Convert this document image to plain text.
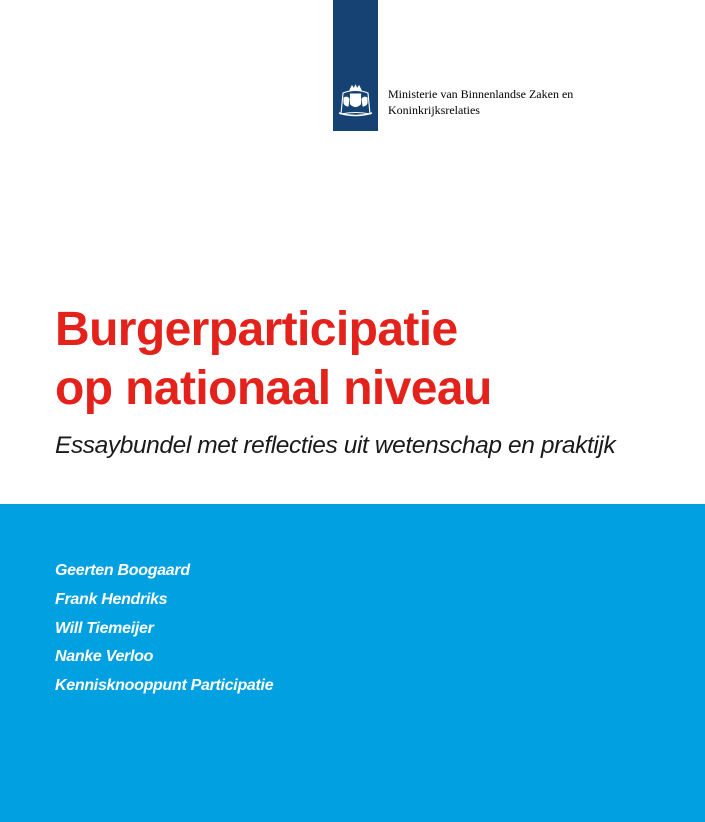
Ministerie van Binnenlandse Zaken en
Koninkrijksrelaties
Burgerparticipatie
op nationaal niveau

Essaybundel met reflecties uit wetenschap en praktijk

Geerten Boogaard
Frank Hendriks
Will Tiemeijer
Nanke Verloo
Kennisknooppunt Participatie
